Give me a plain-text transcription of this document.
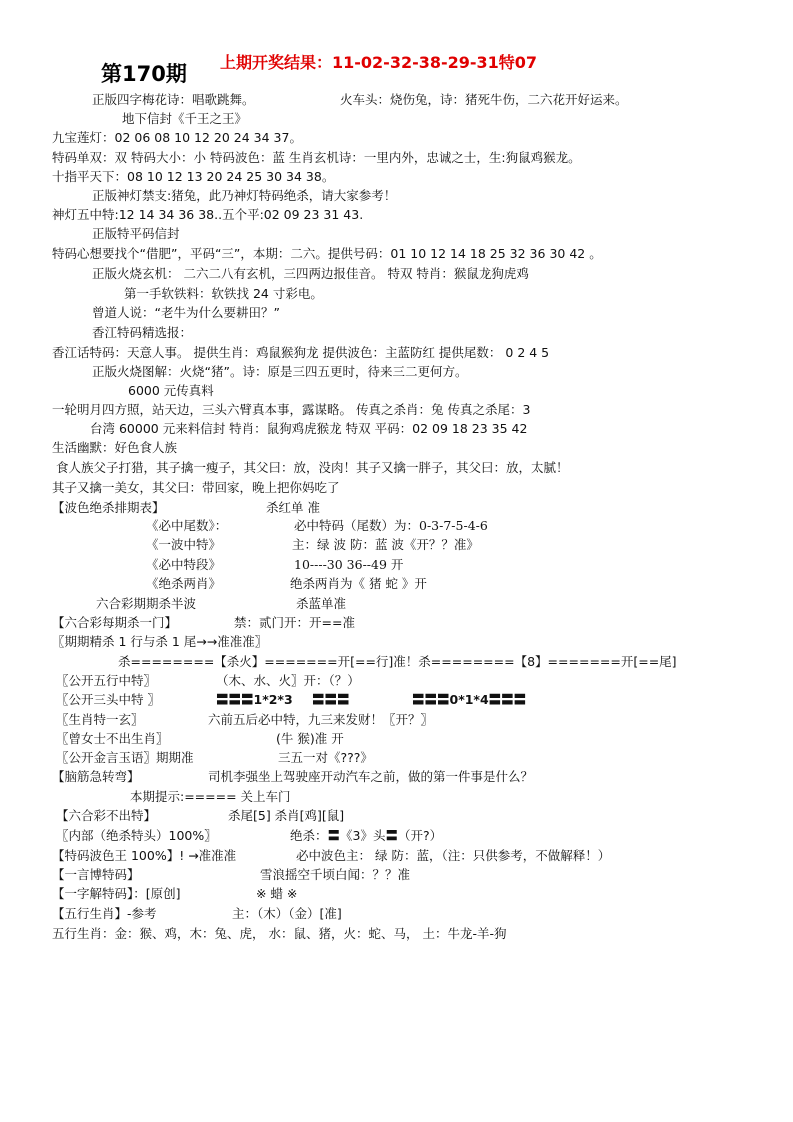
第170期 上期开奖结果：11-02-32-38-29-31特07
正版四字梅花诗：唱歌跳舞。	火车头：烧伤兔，诗：猪死牛伤，二六花开好运来。
地下信封《千王之王》
九宝莲灯：02 06 08 10 12 20 24 34 37。
特码单双：双 特码大小：小 特码波色：蓝 生肖玄机诗：一里内外，忠诚之士，生:狗鼠鸡猴龙。
十指平天下：08 10 12 13 20 24 25 30 34 38。
正版神灯禁支:猪兔，此乃神灯特码绝杀，请大家参考！
神灯五中特:12 14 34 36 38..五个平:02 09 23 31 43.
正版特平码信封
特码心想要找个“借肥”，平码“三”，本期：二六。提供号码：01 10 12 14 18 25 32 36 30 42 。
正版火烧玄机： 二六二八有玄机，三四两边报佳音。 特双 特肖：猴鼠龙狗虎鸡
第一手软铁料：软铁找 24 寸彩电。
曾道人说：“老牛为什么要耕田？”
香江特码精选报：
香江话特码：天意人事。 提供生肖：鸡鼠猴狗龙 提供波色：主蓝防红 提供尾数： 0 2 4 5
正版火烧图解：火烧“猪”。诗：原是三四五更时，待来三二更何方。
6000 元传真料
一轮明月四方照，站天边，三头六臂真本事，露谋略。 传真之杀肖：兔 传真之杀尾：3
台湾 60000 元来料信封 特肖：鼠狗鸡虎猴龙 特双 平码：02 09 18 23 35 42
生活幽默：好色食人族
食人族父子打猎，其子擒一瘦子，其父曰：放，没肉！其子又擒一胖子，其父曰：放，太腻！
其子又擒一美女，其父曰：带回家，晚上把你妈吃了
【波色绝杀排期表】	杀红单 准
《必中尾数》：	必中特码（尾数）为：0-3-7-5-4-6
《一波中特》	主：绿 波 防：蓝 波《开？？准》
《必中特段》	10----30 36--49 开
《绝杀两肖》	绝杀两肖为《 猪 蛇 》开
六合彩期期杀半波	杀蓝单准
【六合彩每期杀一门】	禁：贰门开：开==准
〖期期精杀 1 行与杀 1 尾→→准准准〗
杀========【杀火】=======开[==行]准！杀========【8】=======开[==尾]
〖公开五行中特〗	（木、水、火〗开：（？）
〖公开三头中特 〗	〓〓〓1*2*3 〓〓〓	〓〓〓0*1*4〓〓〓
〖生肖特一玄〗	六前五后必中特，九三来发财！〖开？〗
〖曾女士不出生肖〗	(牛 猴)准 开
〖公开金言玉语〗期期准	三五一对《???》
【脑筋急转弯】	司机李强坐上驾驶座开动汽车之前，做的第一件事是什么？
本期提示:===== 关上车门
【六合彩不出特】	杀尾[5] 杀肖[鸡][鼠]
〖内部（绝杀特头）100%〗	绝杀：〓《3》头〓（开?）
【特码波色王 100%】! →准准准	必中波色主： 绿 防：蓝，（注：只供参考，不做解释！）
【一言博特码】	雪浪摇空千顷白闻：？？准
【一字解特码】：[原创]	※ 蜡 ※
【五行生肖】-参考	主：（木）（金）[准]
五行生肖：金：猴、鸡，木：兔、虎， 水：鼠、猪，火：蛇、马， 土：牛龙-羊-狗
